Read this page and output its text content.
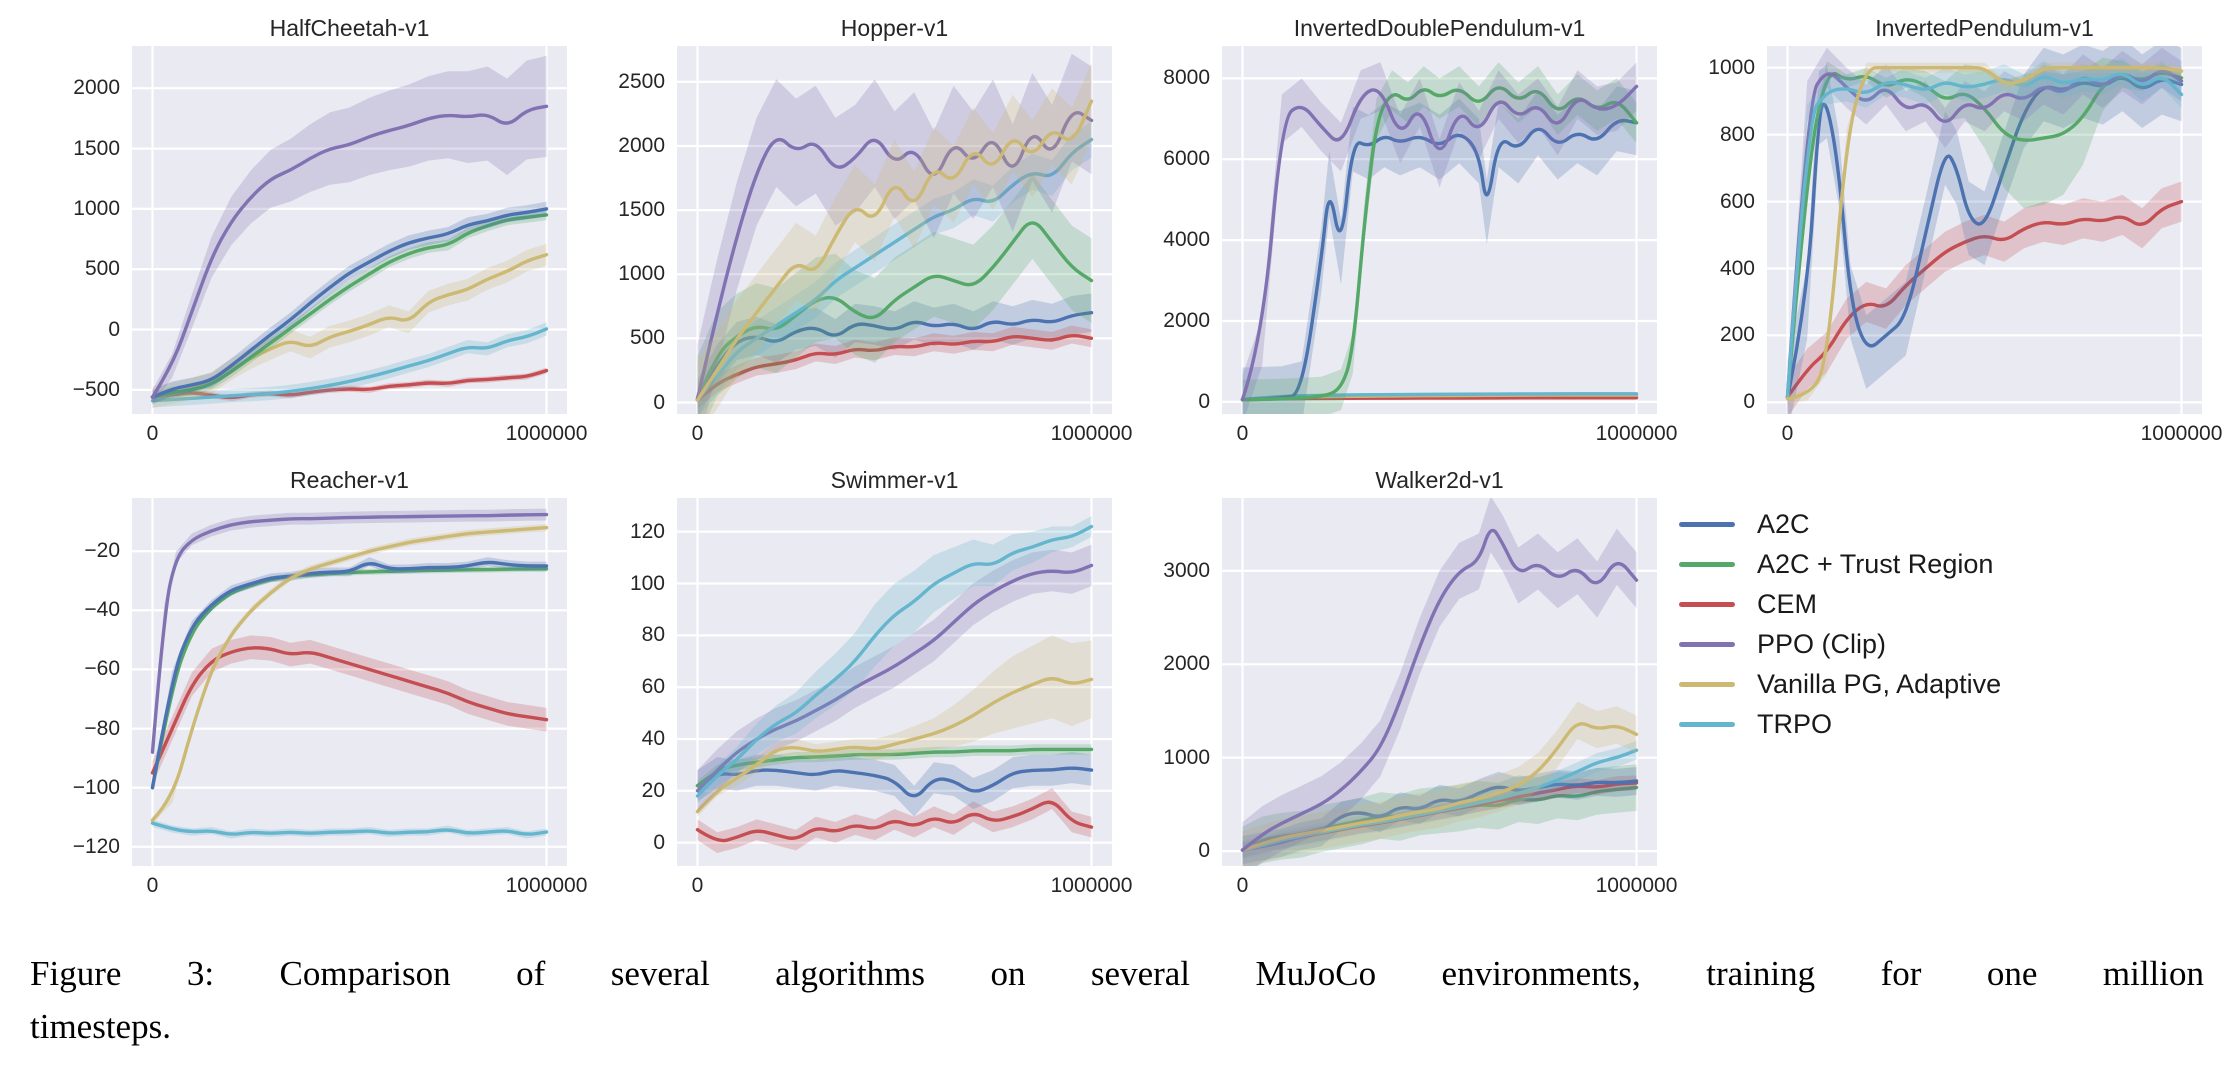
HalfCheetah-v1
2000
1500
1000
500
0
−500
0	1000000
Hopper-v1
2500
2000
1500
1000
500
0
0	1000000
InvertedDoublePendulum-v1
8000
6000
4000
2000
0
0	1000000
InvertedPendulum-v1
1000
800
600
400
200
0
0	1000000
Reacher-v1
−20
−40
−60
−80
−100
−120
0	1000000
Swimmer-v1
120
100
80
60
40
20
0
0	1000000
Walker2d-v1
3000
2000
1000
0
0	1000000
A2C
A2C + Trust Region
CEM
PPO (Clip)
Vanilla PG, Adaptive
TRPO
Figure 3: Comparison of several algorithms on several MuJoCo environments, training for one million
timesteps.
